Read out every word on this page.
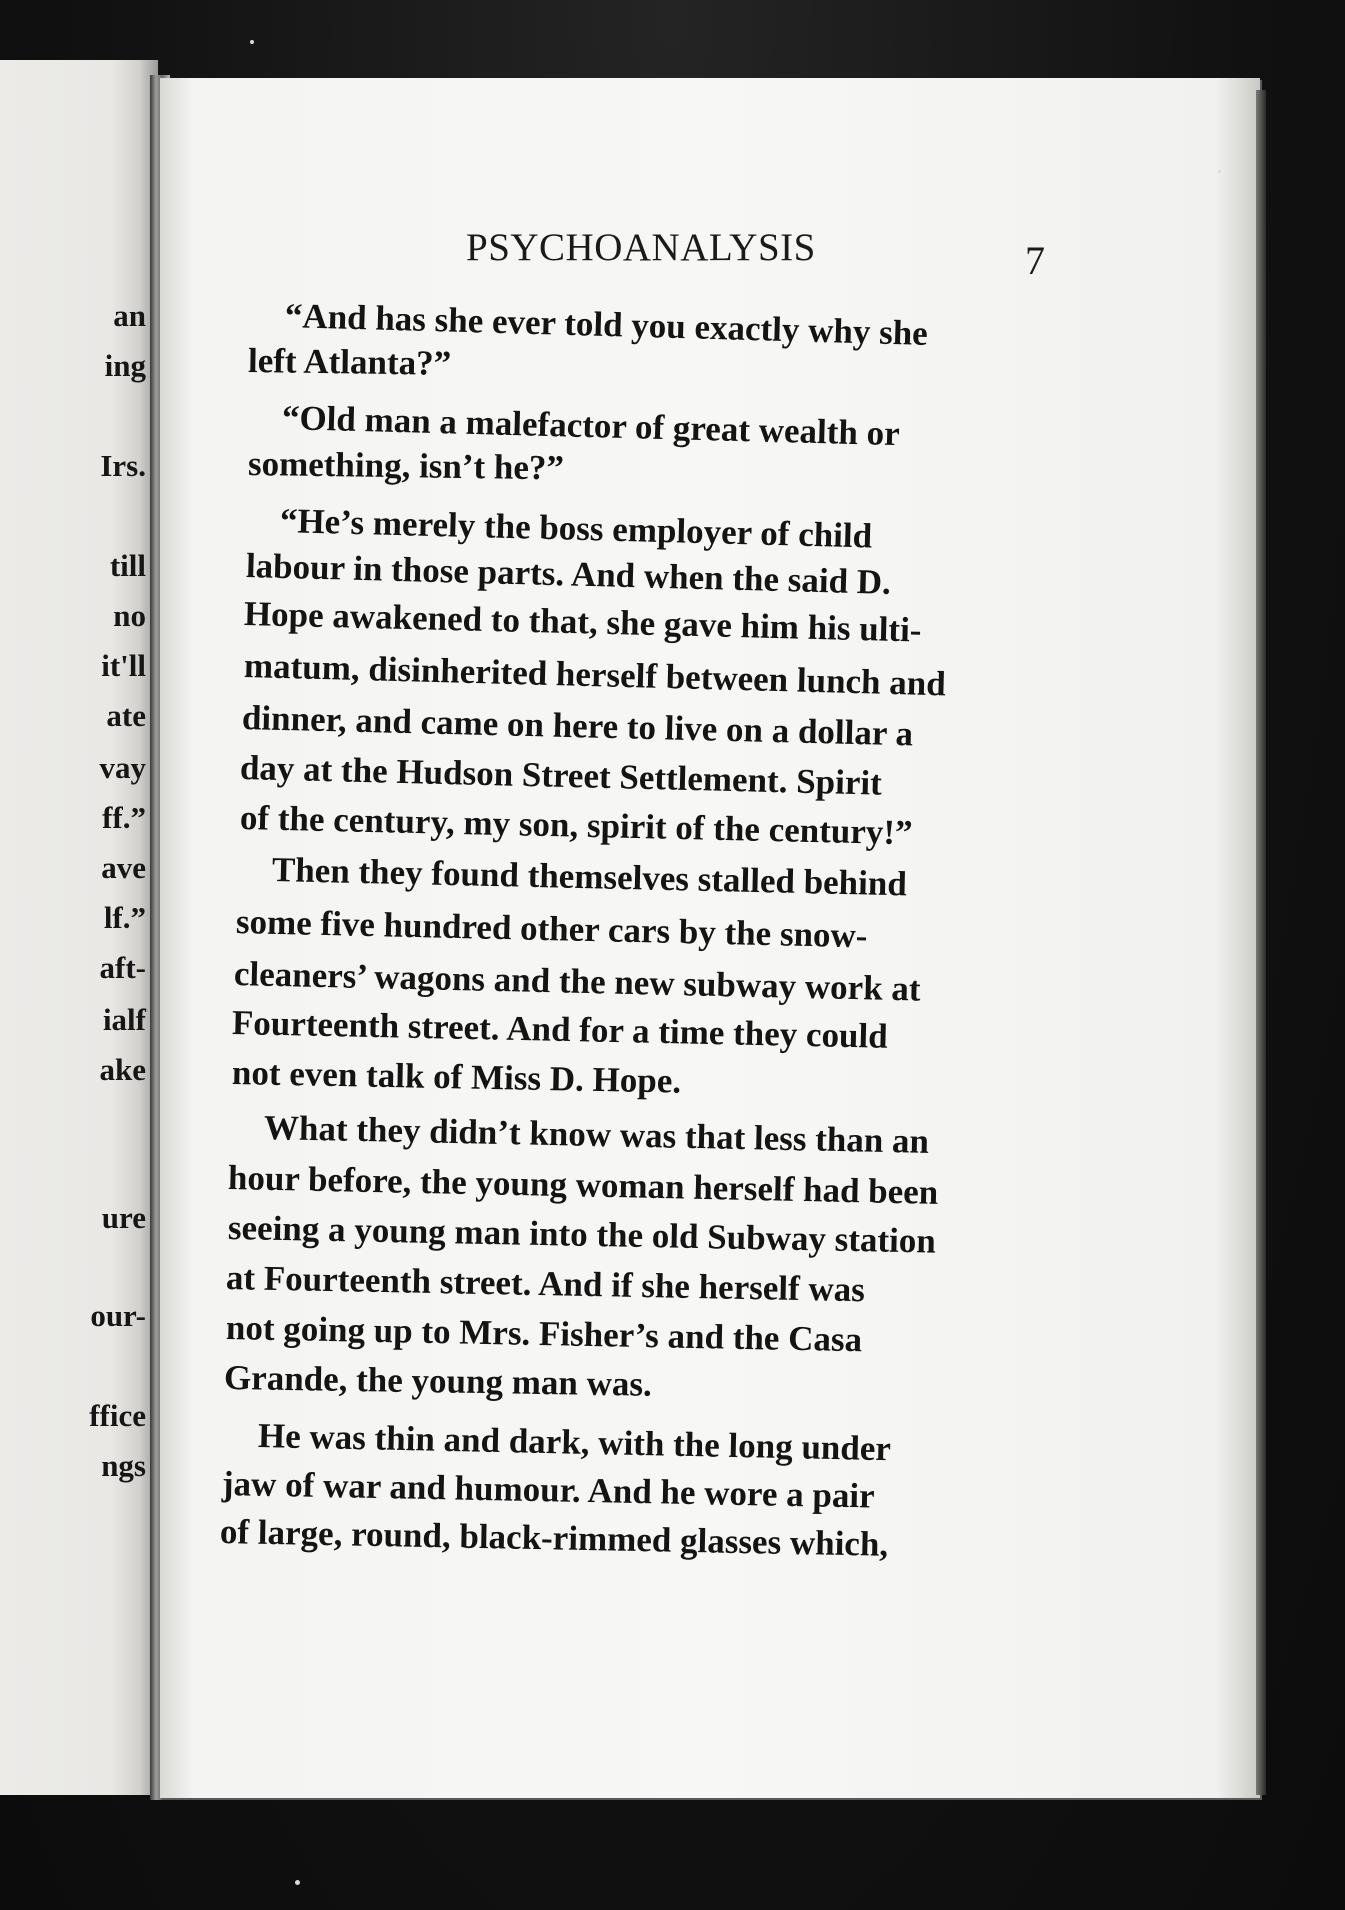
an
ing
Irs.
till
no
it'll
ate
vay
ff.”
ave
lf.”
aft-
ialf
ake
ure
our-
ffice
ngs
PSYCHOANALYSIS	7
“And has she ever told you exactly why she
left Atlanta?”
“Old man a malefactor of great wealth or
something, isn’t he?”
“He’s merely the boss employer of child
labour in those parts. And when the said D.
Hope awakened to that, she gave him his ulti-
matum, disinherited herself between lunch and
dinner, and came on here to live on a dollar a
day at the Hudson Street Settlement. Spirit
of the century, my son, spirit of the century!”
Then they found themselves stalled behind
some five hundred other cars by the snow-
cleaners’ wagons and the new subway work at
Fourteenth street. And for a time they could
not even talk of Miss D. Hope.
What they didn’t know was that less than an
hour before, the young woman herself had been
seeing a young man into the old Subway station
at Fourteenth street. And if she herself was
not going up to Mrs. Fisher’s and the Casa
Grande, the young man was.
He was thin and dark, with the long under
jaw of war and humour. And he wore a pair
of large, round, black-rimmed glasses which,
